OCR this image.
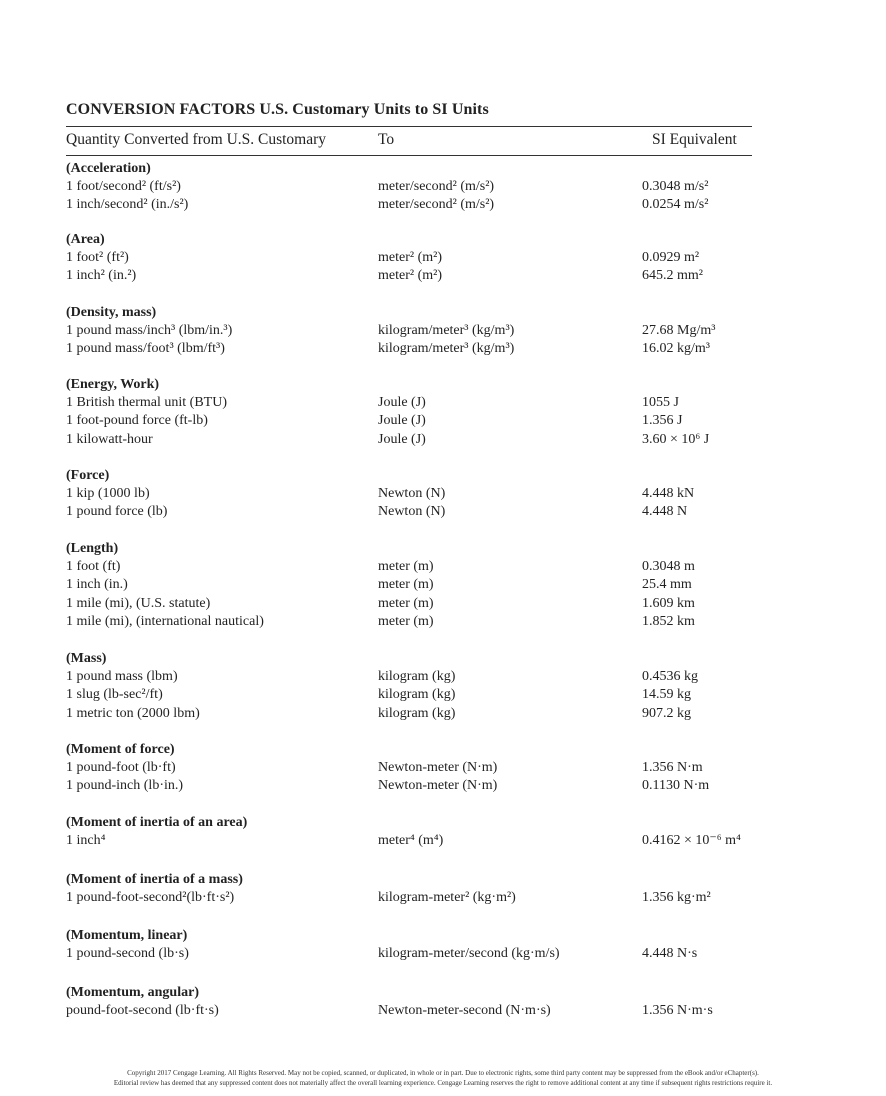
CONVERSION FACTORS U.S. Customary Units to SI Units
Quantity Converted from U.S. Customary	To	SI Equivalent
(Acceleration)
1 foot/second² (ft/s²)	meter/second² (m/s²)	0.3048 m/s²
1 inch/second² (in./s²)	meter/second² (m/s²)	0.0254 m/s²
(Area)
1 foot² (ft²)	meter² (m²)	0.0929 m²
1 inch² (in.²)	meter² (m²)	645.2 mm²
(Density, mass)
1 pound mass/inch³ (lbm/in.³)	kilogram/meter³ (kg/m³)	27.68 Mg/m³
1 pound mass/foot³ (lbm/ft³)	kilogram/meter³ (kg/m³)	16.02 kg/m³
(Energy, Work)
1 British thermal unit (BTU)	Joule (J)	1055 J
1 foot-pound force (ft-lb)	Joule (J)	1.356 J
1 kilowatt-hour	Joule (J)	3.60 × 10⁶ J
(Force)
1 kip (1000 lb)	Newton (N)	4.448 kN
1 pound force (lb)	Newton (N)	4.448 N
(Length)
1 foot (ft)	meter (m)	0.3048 m
1 inch (in.)	meter (m)	25.4 mm
1 mile (mi), (U.S. statute)	meter (m)	1.609 km
1 mile (mi), (international nautical)	meter (m)	1.852 km
(Mass)
1 pound mass (lbm)	kilogram (kg)	0.4536 kg
1 slug (lb-sec²/ft)	kilogram (kg)	14.59 kg
1 metric ton (2000 lbm)	kilogram (kg)	907.2 kg
(Moment of force)
1 pound-foot (lb·ft)	Newton-meter (N·m)	1.356 N·m
1 pound-inch (lb·in.)	Newton-meter (N·m)	0.1130 N·m
(Moment of inertia of an area)
1 inch⁴	meter⁴ (m⁴)	0.4162 × 10⁻⁶ m⁴
(Moment of inertia of a mass)
1 pound-foot-second²(lb·ft·s²)	kilogram-meter² (kg·m²)	1.356 kg·m²
(Momentum, linear)
1 pound-second (lb·s)	kilogram-meter/second (kg·m/s)	4.448 N·s
(Momentum, angular)
pound-foot-second (lb·ft·s)	Newton-meter-second (N·m·s)	1.356 N·m·s
Copyright 2017 Cengage Learning. All Rights Reserved. May not be copied, scanned, or duplicated, in whole or in part. Due to electronic rights, some third party content may be suppressed from the eBook and/or eChapter(s).
Editorial review has deemed that any suppressed content does not materially affect the overall learning experience. Cengage Learning reserves the right to remove additional content at any time if subsequent rights restrictions require it.
